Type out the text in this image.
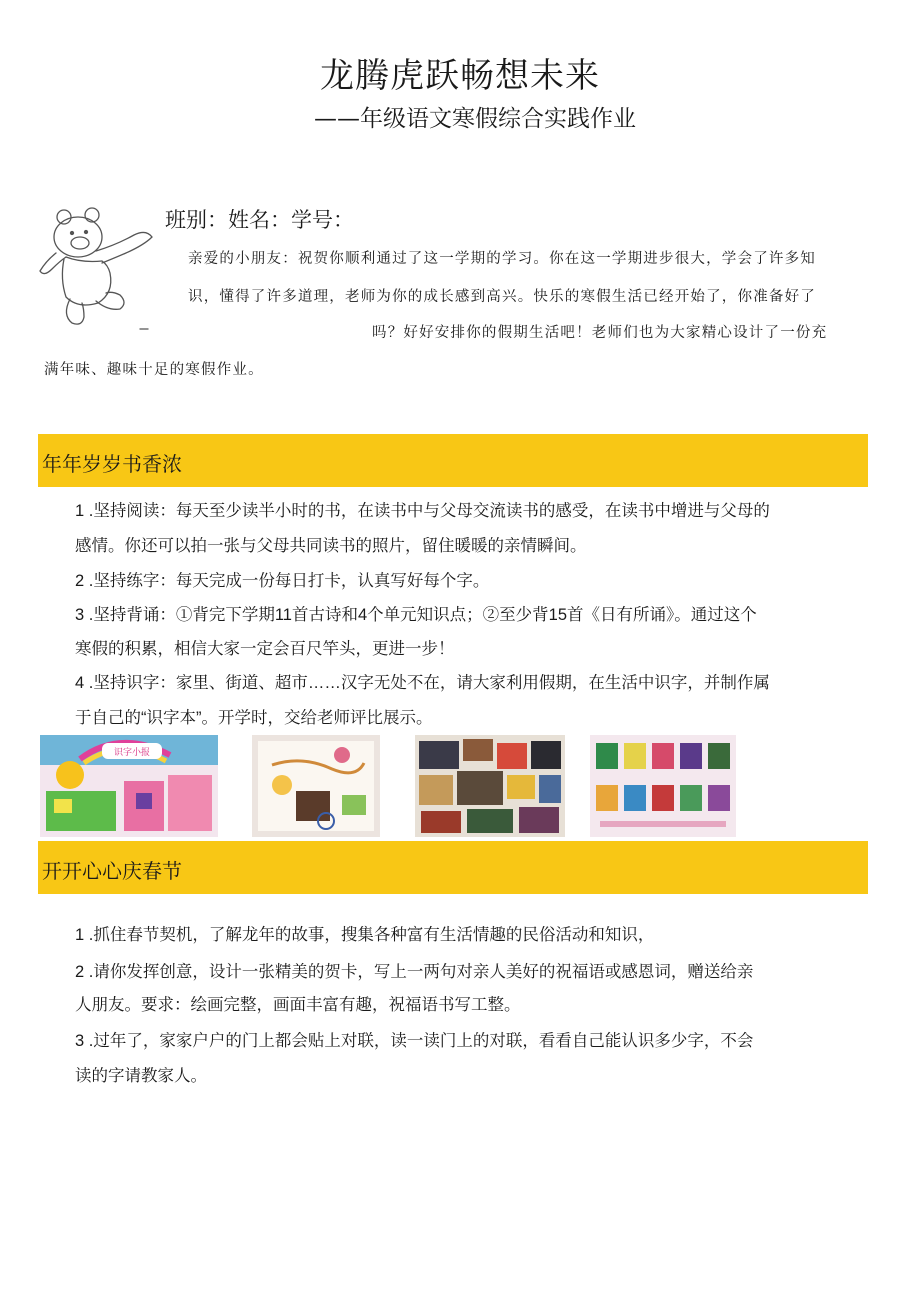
龙腾虎跃畅想未来
——年级语文寒假综合实践作业
班别：姓名：学号：
亲爱的小朋友：祝贺你顺利通过了这一学期的学习。你在这一学期进步很大，学会了许多知
识，懂得了许多道理，老师为你的成长感到高兴。快乐的寒假生活已经开始了，你准备好了
吗？好好安排你的假期生活吧！老师们也为大家精心设计了一份充
满年味、趣味十足的寒假作业。
年年岁岁书香浓
1 .坚持阅读：每天至少读半小时的书，在读书中与父母交流读书的感受，在读书中增进与父母的
感情。你还可以拍一张与父母共同读书的照片，留住暖暖的亲情瞬间。
2 .坚持练字：每天完成一份每日打卡，认真写好每个字。
3 .坚持背诵：①背完下学期11首古诗和4个单元知识点；②至少背15首《日有所诵》。通过这个
寒假的积累，相信大家一定会百尺竿头，更进一步！
4 .坚持识字：家里、街道、超市……汉字无处不在，请大家利用假期，在生活中识字，并制作属
于自己的“识字本”。开学时，交给老师评比展示。
识字小报
开开心心庆春节
1 .抓住春节契机，了解龙年的故事，搜集各种富有生活情趣的民俗活动和知识，
2 .请你发挥创意，设计一张精美的贺卡，写上一两句对亲人美好的祝福语或感恩词，赠送给亲
人朋友。要求：绘画完整，画面丰富有趣，祝福语书写工整。
3 .过年了，家家户户的门上都会贴上对联，读一读门上的对联，看看自己能认识多少字，不会
读的字请教家人。
